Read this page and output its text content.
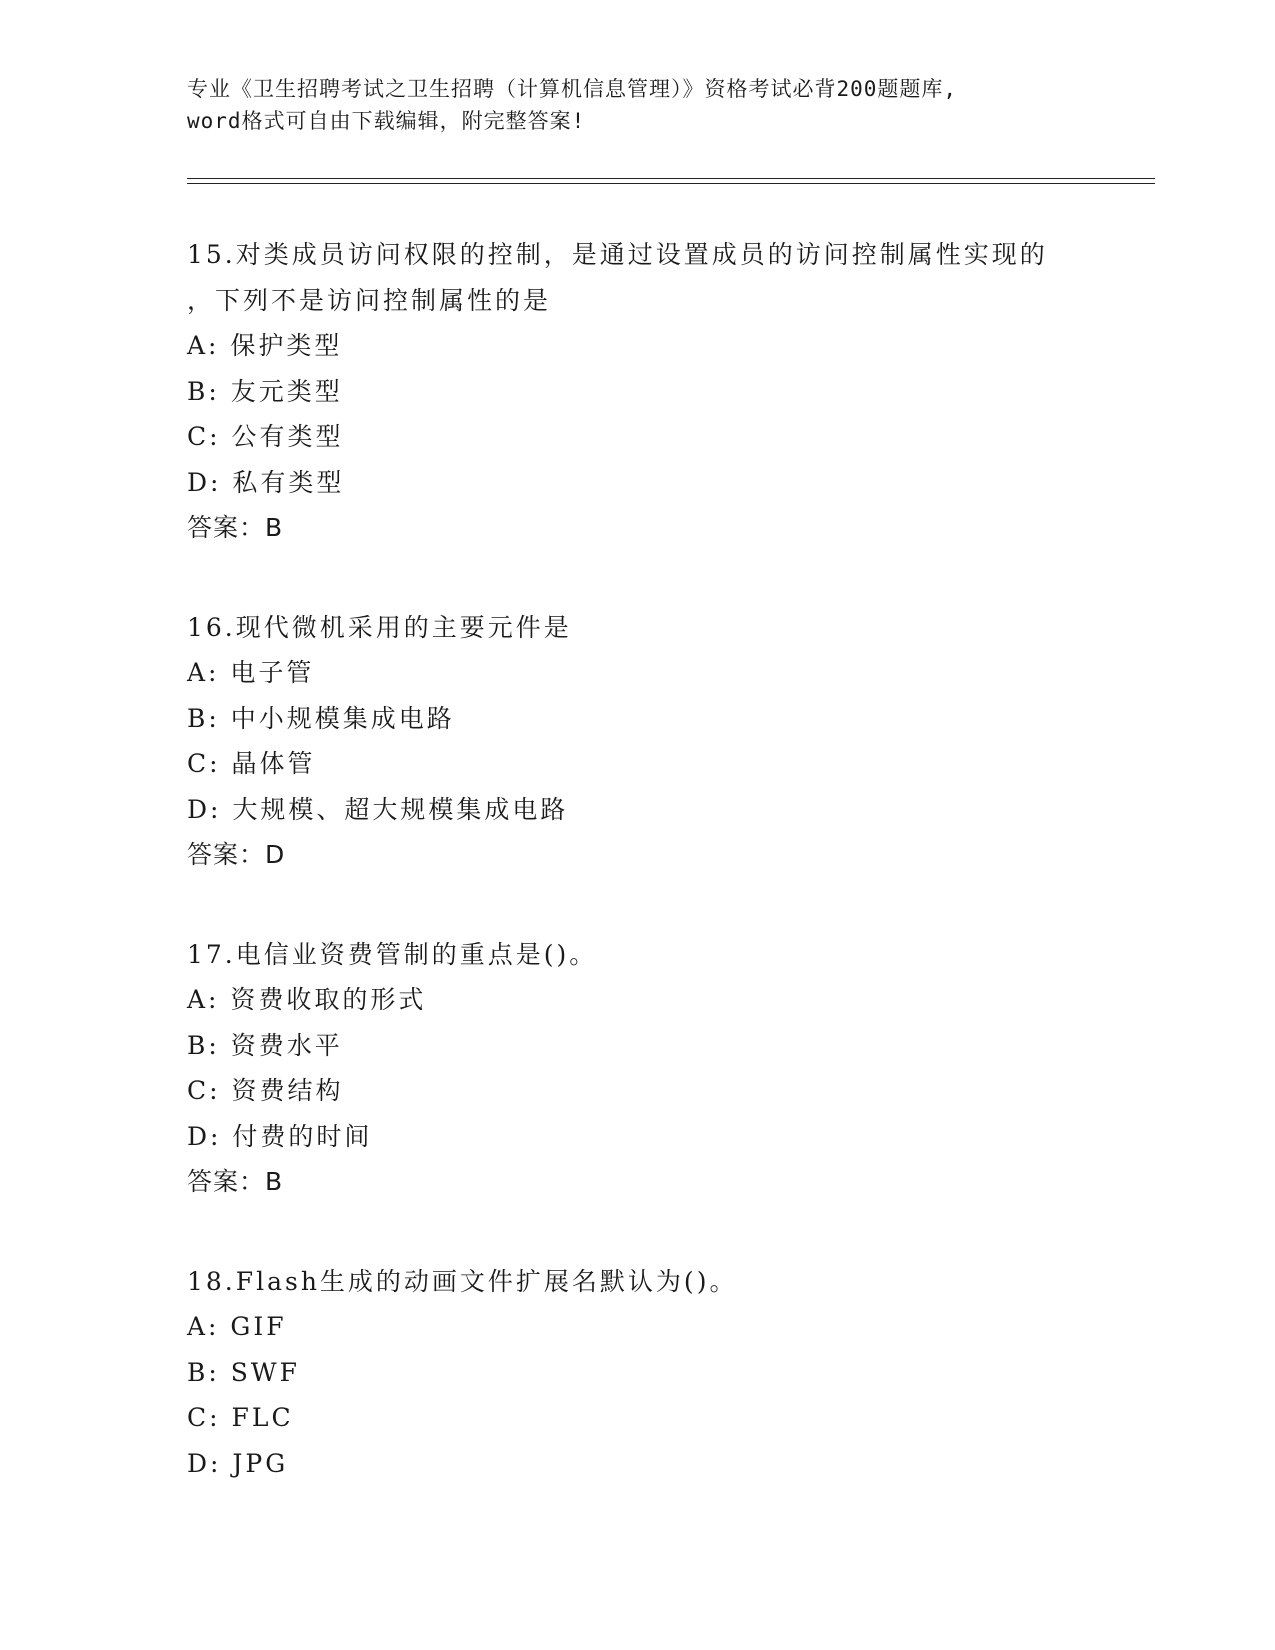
专业《卫生招聘考试之卫生招聘（计算机信息管理）》资格考试必背200题题库,
word格式可自由下载编辑，附完整答案!
15.对类成员访问权限的控制，是通过设置成员的访问控制属性实现的
，下列不是访问控制属性的是
A: 保护类型
B: 友元类型
C: 公有类型
D: 私有类型
答案：B
16.现代微机采用的主要元件是
A: 电子管
B: 中小规模集成电路
C: 晶体管
D: 大规模、超大规模集成电路
答案：D
17.电信业资费管制的重点是()。
A: 资费收取的形式
B: 资费水平
C: 资费结构
D: 付费的时间
答案：B
18.Flash生成的动画文件扩展名默认为()。
A: GIF
B: SWF
C: FLC
D: JPG
